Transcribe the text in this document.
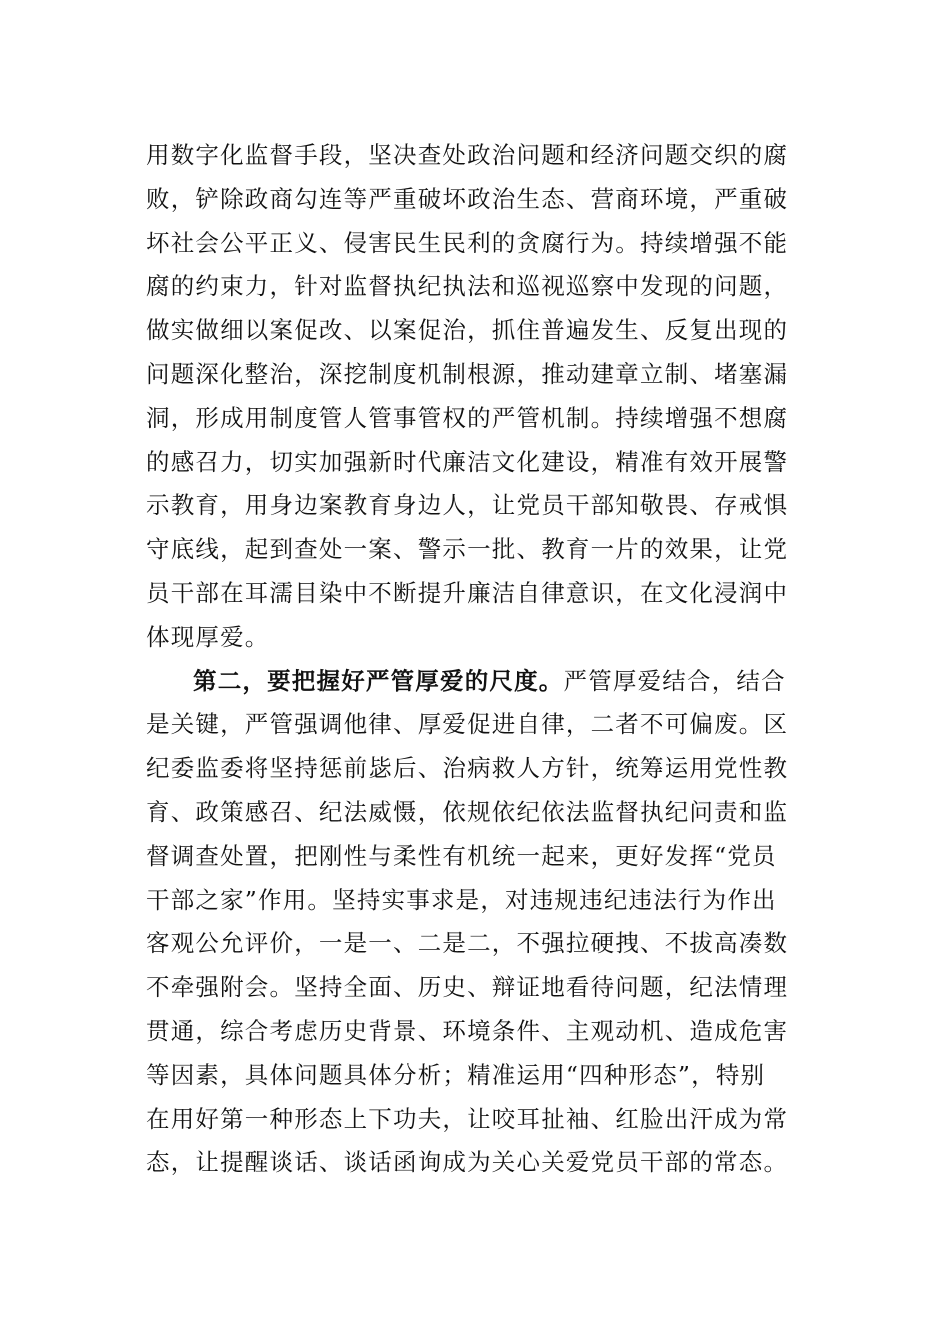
用数字化监督手段，坚决查处政治问题和经济问题交织的腐
败，铲除政商勾连等严重破坏政治生态、营商环境，严重破
坏社会公平正义、侵害民生民利的贪腐行为。持续增强不能
腐的约束力，针对监督执纪执法和巡视巡察中发现的问题，
做实做细以案促改、以案促治，抓住普遍发生、反复出现的
问题深化整治，深挖制度机制根源，推动建章立制、堵塞漏
洞，形成用制度管人管事管权的严管机制。持续增强不想腐
的感召力，切实加强新时代廉洁文化建设，精准有效开展警
示教育，用身边案教育身边人，让党员干部知敬畏、存戒惧
守底线，起到查处一案、警示一批、教育一片的效果，让党
员干部在耳濡目染中不断提升廉洁自律意识，在文化浸润中
体现厚爱。
第二，要把握好严管厚爱的尺度。严管厚爱结合，结合
是关键，严管强调他律、厚爱促进自律，二者不可偏废。区
纪委监委将坚持惩前毖后、治病救人方针，统筹运用党性教
育、政策感召、纪法威慑，依规依纪依法监督执纪问责和监
督调查处置，把刚性与柔性有机统一起来，更好发挥“党员
干部之家”作用。坚持实事求是，对违规违纪违法行为作出
客观公允评价，一是一、二是二，不强拉硬拽、不拔高凑数
不牵强附会。坚持全面、历史、辩证地看待问题，纪法情理
贯通，综合考虑历史背景、环境条件、主观动机、造成危害
等因素，具体问题具体分析；精准运用“四种形态”，特别
在用好第一种形态上下功夫，让咬耳扯袖、红脸出汗成为常
态，让提醒谈话、谈话函询成为关心关爱党员干部的常态。
